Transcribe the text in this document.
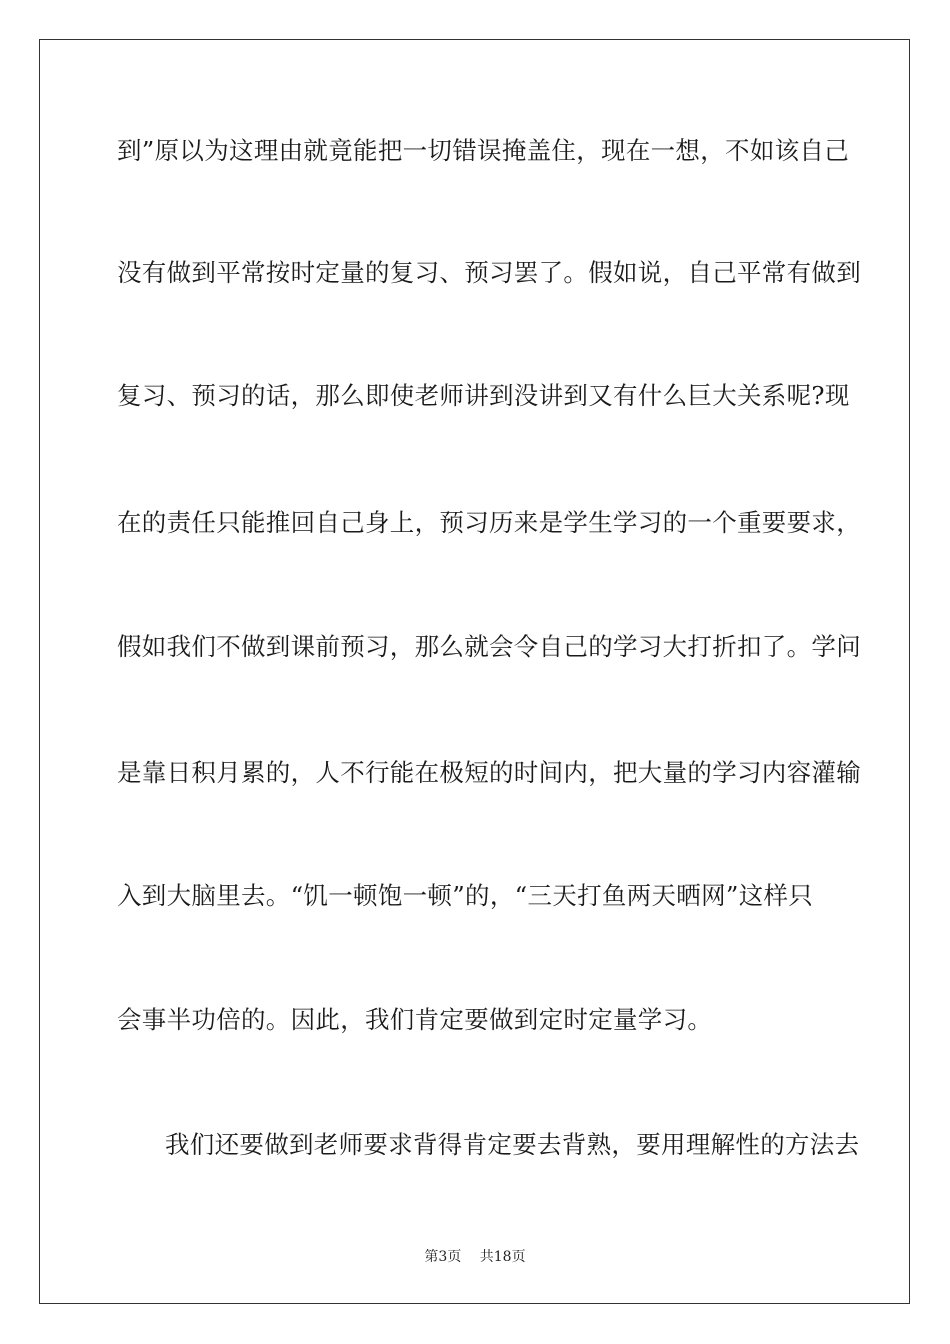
到”原以为这理由就竟能把一切错误掩盖住，现在一想，不如该自己
没有做到平常按时定量的复习、预习罢了。假如说，自己平常有做到
复习、预习的话，那么即使老师讲到没讲到又有什么巨大关系呢?现
在的责任只能推回自己身上，预习历来是学生学习的一个重要要求，
假如我们不做到课前预习，那么就会令自己的学习大打折扣了。学问
是靠日积月累的，人不行能在极短的时间内，把大量的学习内容灌输
入到大脑里去。“饥一顿饱一顿”的，“三天打鱼两天晒网”这样只
会事半功倍的。因此，我们肯定要做到定时定量学习。
我们还要做到老师要求背得肯定要去背熟，要用理解性的方法去
第3页　 共18页
